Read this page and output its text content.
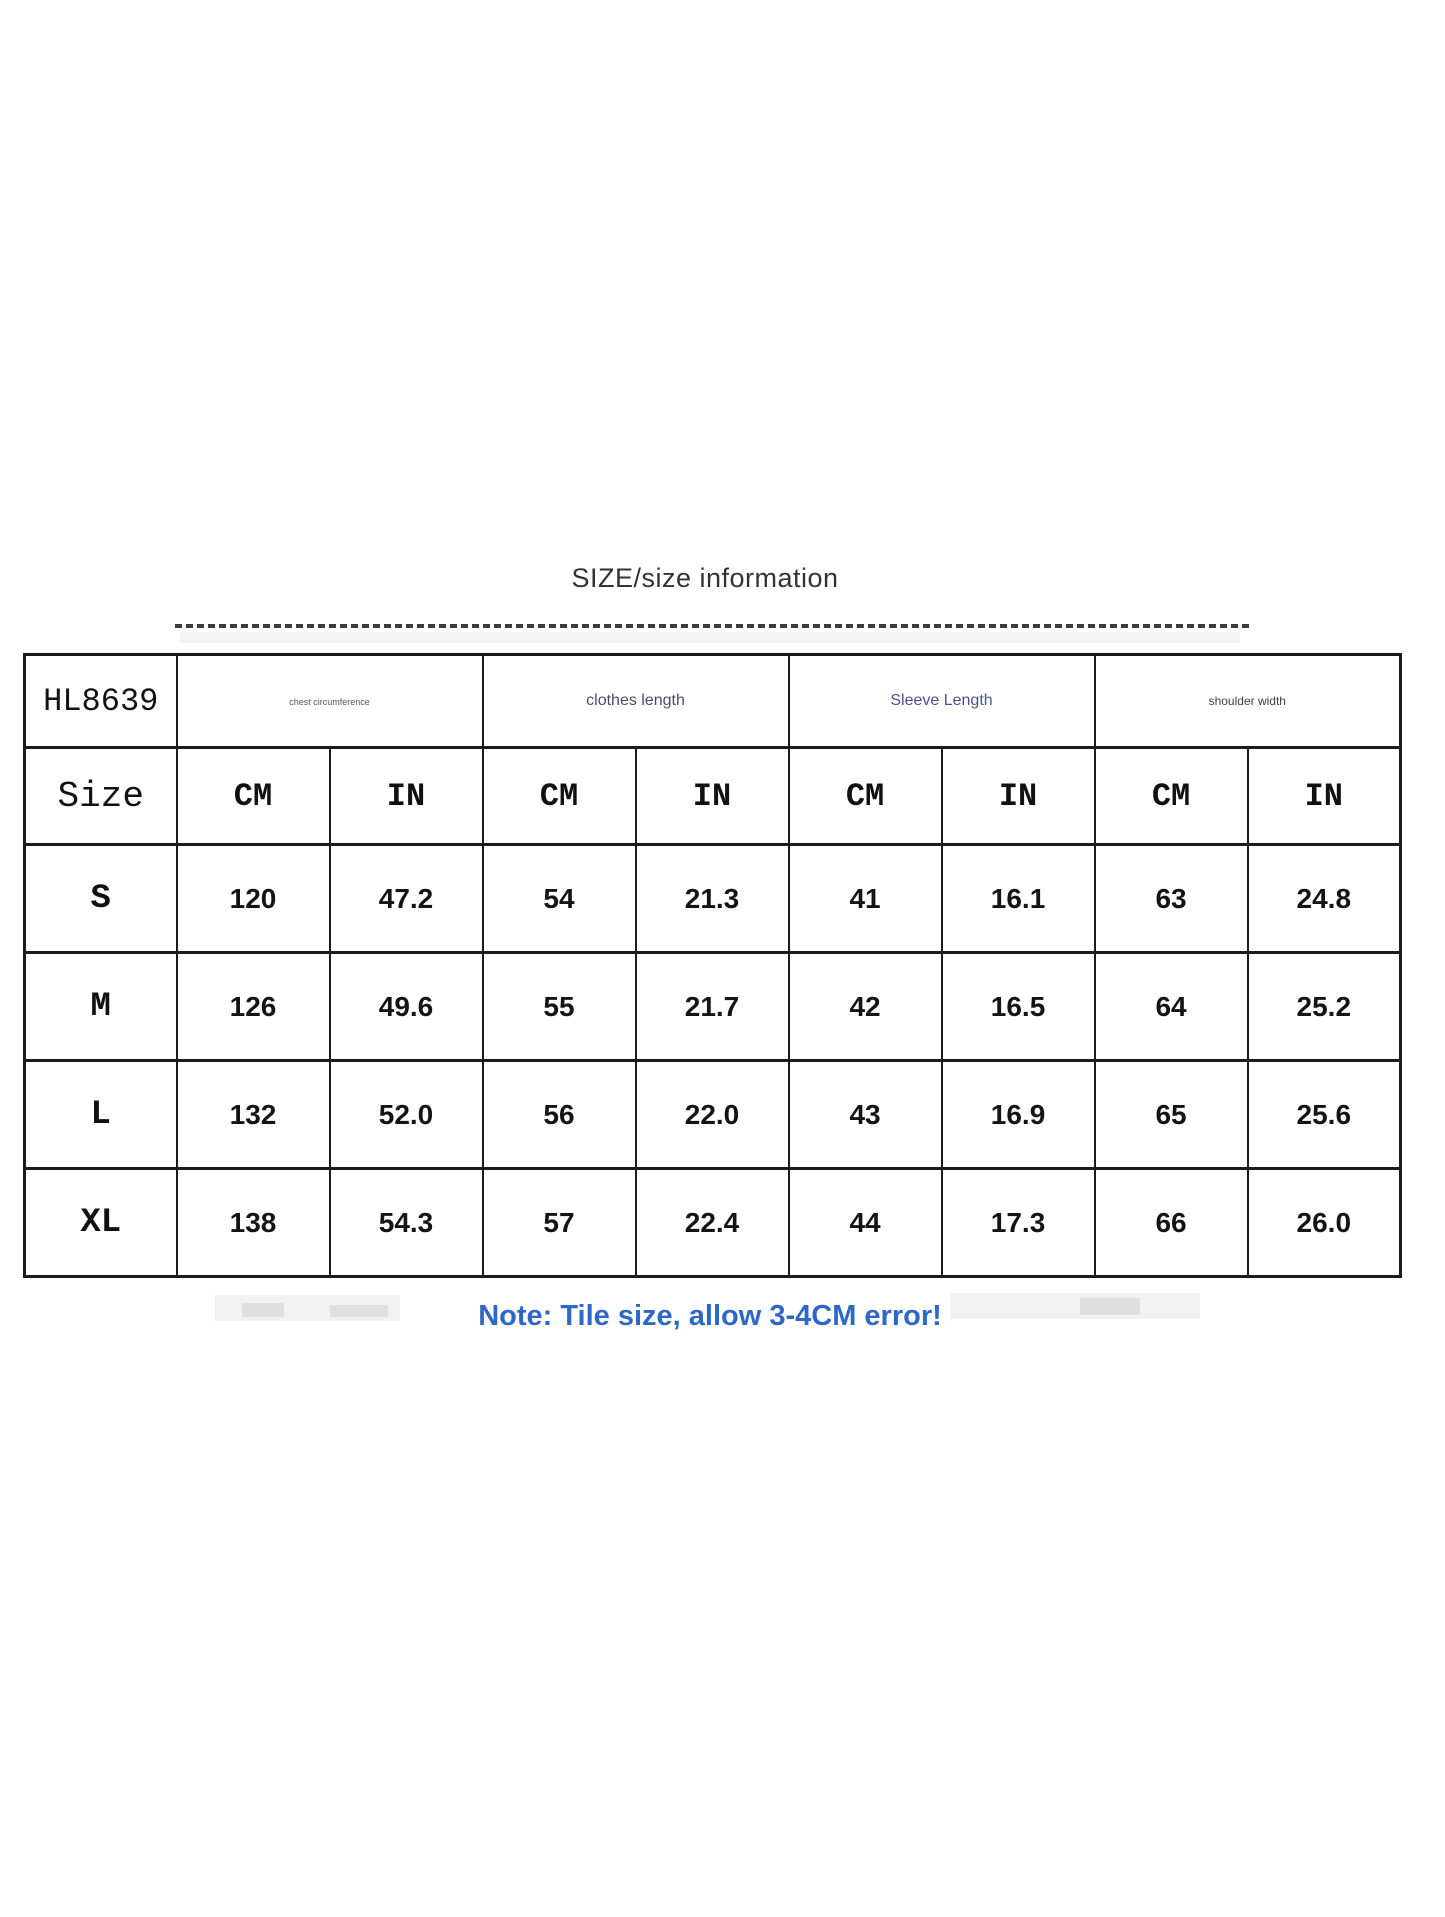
SIZE/size information
HL8639	chest circumference		clothes length		Sleeve Length		shoulder width	
Size	CM	IN	CM	IN	CM	IN	CM	IN
S	120	47.2	54	21.3	41	16.1	63	24.8
M	126	49.6	55	21.7	42	16.5	64	25.2
L	132	52.0	56	22.0	43	16.9	65	25.6
XL	138	54.3	57	22.4	44	17.3	66	26.0
Note: Tile size, allow 3-4CM error!
